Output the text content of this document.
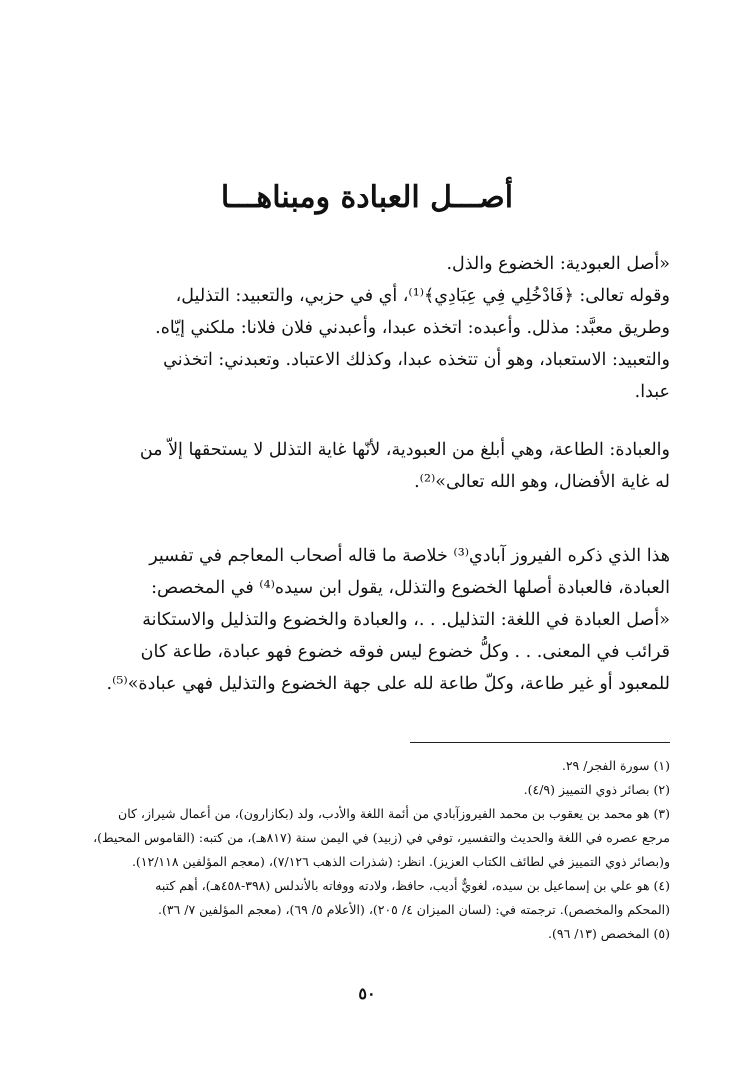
أصـــل العبادة ومبناهـــا

«أصل العبودية: الخضوع والذل.
وقوله تعالى: ﴿فَادْخُلِي فِي عِبَادِي﴾⁽¹⁾، أي في حزبي، والتعبيد: التذليل،
وطريق معبَّد: مذلل. وأعبده: اتخذه عبدا، وأعبدني فلان فلانا: ملكني إيّاه.
والتعبيد: الاستعباد، وهو أن تتخذه عبدا، وكذلك الاعتباد. وتعبدني: اتخذني
عبدا.

والعبادة: الطاعة، وهي أبلغ من العبودية، لأنّها غاية التذلل لا يستحقها إلاّ من
له غاية الأفضال، وهو الله تعالى»⁽²⁾.

هذا الذي ذكره الفيروز آبادي⁽³⁾ خلاصة ما قاله أصحاب المعاجم في تفسير
العبادة، فالعبادة أصلها الخضوع والتذلل، يقول ابن سيده⁽⁴⁾ في المخصص:
«أصل العبادة في اللغة: التذليل. . .، والعبادة والخضوع والتذليل والاستكانة
قرائب في المعنى. . . وكلُّ خضوع ليس فوقه خضوع فهو عبادة، طاعة كان
للمعبود أو غير طاعة، وكلّ طاعة لله على جهة الخضوع والتذليل فهي عبادة»⁽⁵⁾.

(١) سورة الفجر/ ٢٩.
(٢) بصائر ذوي التمييز (٤/٩).
(٣) هو محمد بن يعقوب بن محمد الفيروزآبادي من أئمة اللغة والأدب، ولد (بكازارون)، من أعمال شيراز، كان
مرجع عصره في اللغة والحديث والتفسير، توفي في (زبيد) في اليمن سنة (٨١٧هـ)، من كتبه: (القاموس المحيط)،
و(بصائر ذوي التمييز في لطائف الكتاب العزيز). انظر: (شذرات الذهب ٧/١٢٦)، (معجم المؤلفين ١٢/١١٨).
(٤) هو علي بن إسماعيل بن سيده، لغويٌّ أديب، حافظ، ولادته ووفاته بالأندلس (٣٩٨-٤٥٨هـ)، أهم كتبه
(المحكم والمخصص). ترجمته في: (لسان الميزان ٤/ ٢٠٥)، (الأعلام ٥/ ٦٩)، (معجم المؤلفين ٧/ ٣٦).
(٥) المخصص (١٣/ ٩٦).
٥٠
